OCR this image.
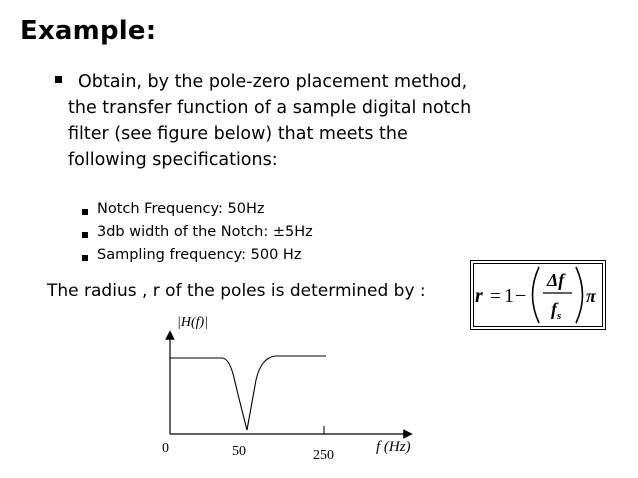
Example:
Obtain, by the pole-zero placement method,
the transfer function of a sample digital notch
filter (see figure below) that meets the
following specifications:
Notch Frequency: 50Hz
3db width of the Notch: ±5Hz
Sampling frequency: 500 Hz
The radius , r of the poles is determined by : r = 1 −
Δf
$f_s$
π
|H(f)|
0	50	250
f (Hz)
